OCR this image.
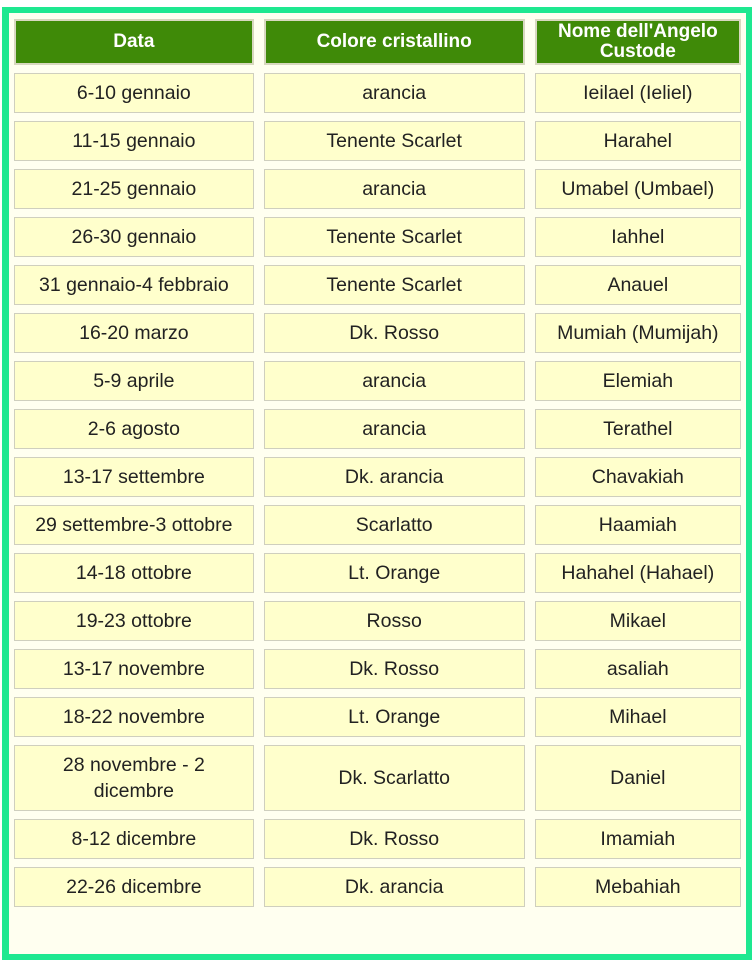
Data	Colore cristallino	Nome dell'Angelo Custode
6-10 gennaio	arancia	Ieilael (Ieliel)
11-15 gennaio	Tenente Scarlet	Harahel
21-25 gennaio	arancia	Umabel (Umbael)
26-30 gennaio	Tenente Scarlet	Iahhel
31 gennaio-4 febbraio	Tenente Scarlet	Anauel
16-20 marzo	Dk. Rosso	Mumiah (Mumijah)
5-9 aprile	arancia	Elemiah
2-6 agosto	arancia	Terathel
13-17 settembre	Dk. arancia	Chavakiah
29 settembre-3 ottobre	Scarlatto	Haamiah
14-18 ottobre	Lt. Orange	Hahahel (Hahael)
19-23 ottobre	Rosso	Mikael
13-17 novembre	Dk. Rosso	asaliah
18-22 novembre	Lt. Orange	Mihael
28 novembre - 2 dicembre	Dk. Scarlatto	Daniel
8-12 dicembre	Dk. Rosso	Imamiah
22-26 dicembre	Dk. arancia	Mebahiah
